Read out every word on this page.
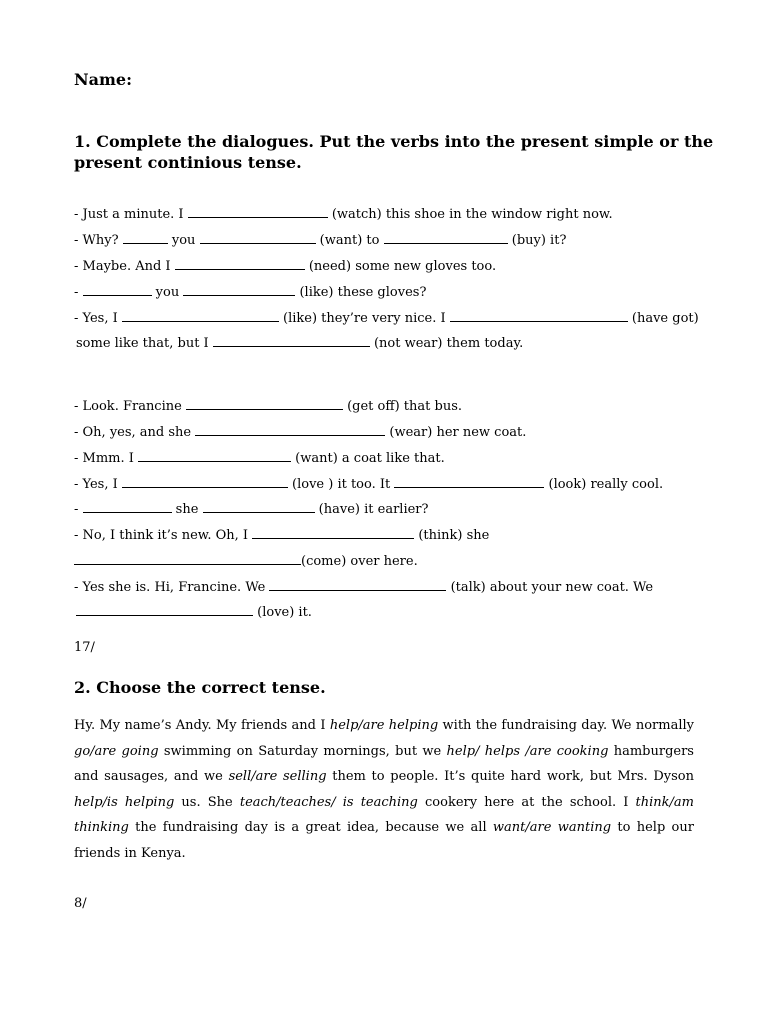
Name:
1. Complete the dialogues. Put the verbs into the present simple or the
present continious tense.
- Just a minute. I	(watch) this shoe in the window right now.
- Why?	you	(want) to	(buy) it?
- Maybe. And I	(need) some new gloves too.
-	you	(like) these gloves?
- Yes, I	(like) they’re very nice. I	(have got)
some like that, but I	(not wear) them today.
- Look. Francine	(get off) that bus.
- Oh, yes, and she	(wear) her new coat.
- Mmm. I	(want) a coat like that.
- Yes, I	(love ) it too. It	(look) really cool.
-	she	(have) it earlier?
- No, I think it’s new. Oh, I	(think) she
(come) over here.
- Yes she is. Hi, Francine. We	(talk) about your new coat. We
(love) it.
17/
2. Choose the correct tense.
Hy. My name’s Andy. My friends and I help/are helping with the fundraising day. We normally go/are going swimming on Saturday mornings, but we help/ helps /are cooking hamburgers and sausages, and we sell/are selling them to people. It’s quite hard work, but Mrs. Dyson help/is helping us. She teach/teaches/ is teaching cookery here at the school. I think/am thinking the fundraising day is a great idea, because we all want/are wanting to help our friends in Kenya.
8/
